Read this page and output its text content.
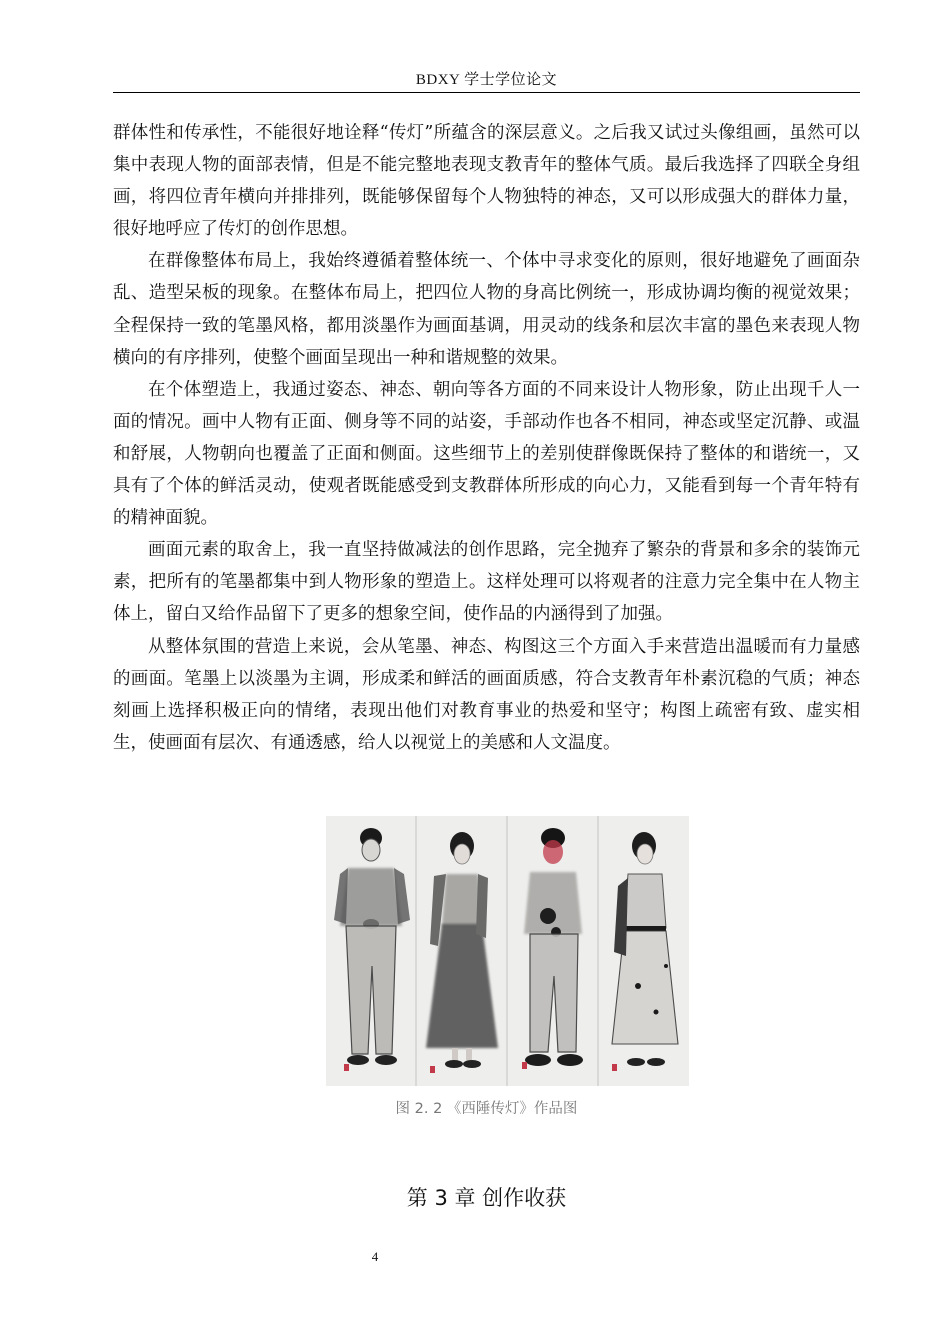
BDXY 学士学位论文

群体性和传承性，不能很好地诠释“传灯”所蕴含的深层意义。之后我又试过头像组画，虽然可以集中表现人物的面部表情，但是不能完整地表现支教青年的整体气质。最后我选择了四联全身组画，将四位青年横向并排排列，既能够保留每个人物独特的神态，又可以形成强大的群体力量，很好地呼应了传灯的创作思想。

在群像整体布局上，我始终遵循着整体统一、个体中寻求变化的原则，很好地避免了画面杂乱、造型呆板的现象。在整体布局上，把四位人物的身高比例统一，形成协调均衡的视觉效果；全程保持一致的笔墨风格，都用淡墨作为画面基调，用灵动的线条和层次丰富的墨色来表现人物横向的有序排列，使整个画面呈现出一种和谐规整的效果。

在个体塑造上，我通过姿态、神态、朝向等各方面的不同来设计人物形象，防止出现千人一面的情况。画中人物有正面、侧身等不同的站姿，手部动作也各不相同，神态或坚定沉静、或温和舒展，人物朝向也覆盖了正面和侧面。这些细节上的差别使群像既保持了整体的和谐统一，又具有了个体的鲜活灵动，使观者既能感受到支教群体所形成的向心力，又能看到每一个青年特有的精神面貌。

画面元素的取舍上，我一直坚持做减法的创作思路，完全抛弃了繁杂的背景和多余的装饰元素，把所有的笔墨都集中到人物形象的塑造上。这样处理可以将观者的注意力完全集中在人物主体上，留白又给作品留下了更多的想象空间，使作品的内涵得到了加强。

从整体氛围的营造上来说，会从笔墨、神态、构图这三个方面入手来营造出温暖而有力量感的画面。笔墨上以淡墨为主调，形成柔和鲜活的画面质感，符合支教青年朴素沉稳的气质；神态刻画上选择积极正向的情绪，表现出他们对教育事业的热爱和坚守；构图上疏密有致、虚实相生，使画面有层次、有通透感，给人以视觉上的美感和人文温度。

图 2. 2 《西陲传灯》作品图
第 3 章 创作收获
4
